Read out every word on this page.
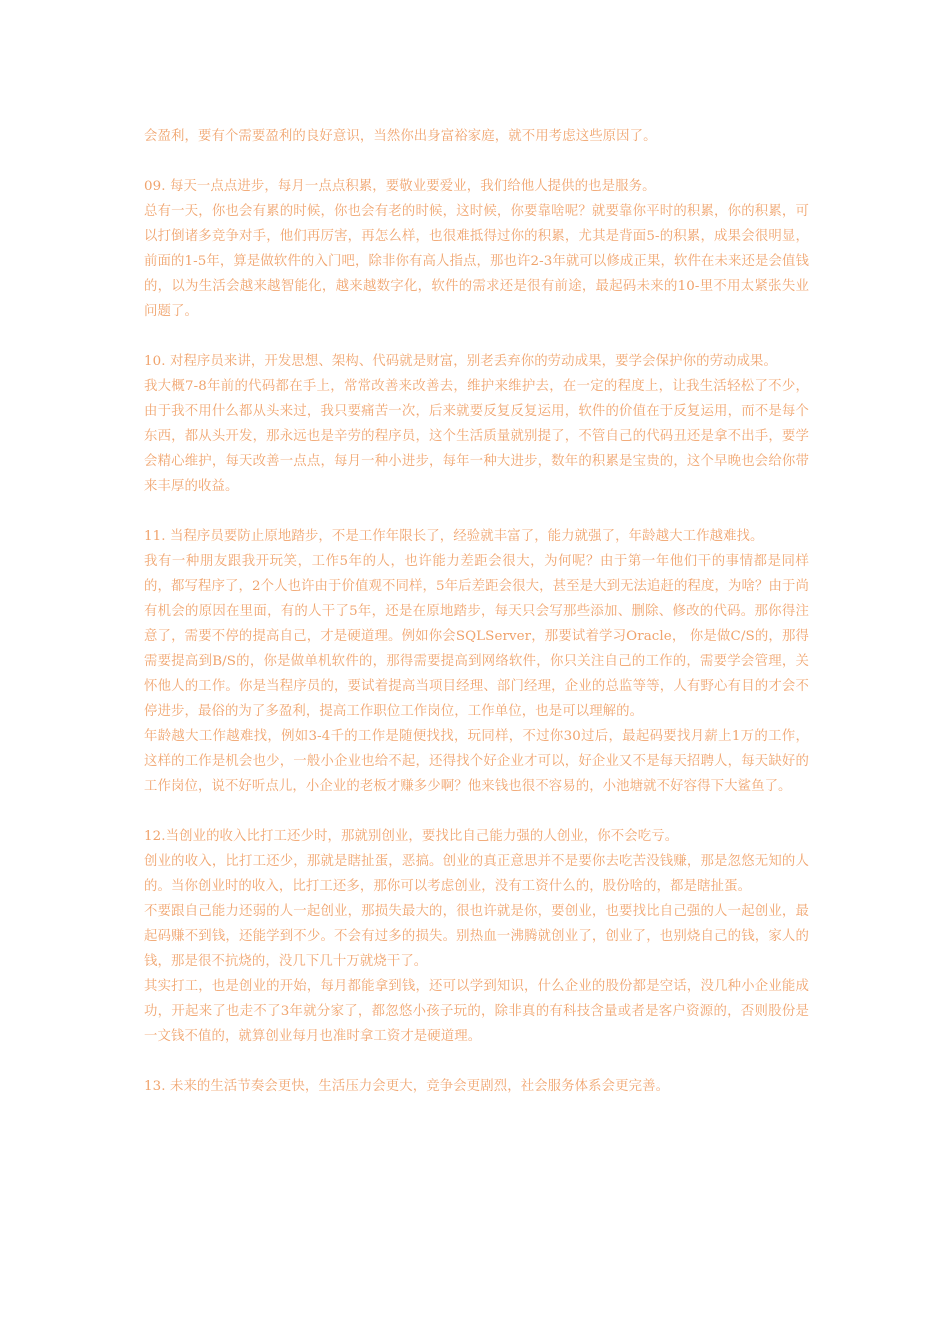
会盈利，要有个需要盈利的良好意识，当然你出身富裕家庭，就不用考虑这些原因了。
09. 每天一点点进步，每月一点点积累，要敬业要爱业，我们给他人提供的也是服务。
总有一天，你也会有累的时候，你也会有老的时候，这时候，你要靠啥呢？就要靠你平时的积累，你的积累，可以打倒诸多竞争对手，他们再厉害，再怎么样，也很难抵得过你的积累，尤其是背面5-的积累，成果会很明显，前面的1-5年，算是做软件的入门吧，除非你有高人指点，那也许2-3年就可以修成正果，软件在未来还是会值钱的，以为生活会越来越智能化，越来越数字化，软件的需求还是很有前途，最起码未来的10-里不用太紧张失业问题了。
10. 对程序员来讲，开发思想、架构、代码就是财富，别老丢弃你的劳动成果，要学会保护你的劳动成果。
我大概7-8年前的代码都在手上，常常改善来改善去，维护来维护去，在一定的程度上，让我生活轻松了不少，由于我不用什么都从头来过，我只要痛苦一次，后来就要反复反复运用，软件的价值在于反复运用，而不是每个东西，都从头开发，那永远也是辛劳的程序员，这个生活质量就别提了，不管自己的代码丑还是拿不出手，要学会精心维护，每天改善一点点，每月一种小进步，每年一种大进步，数年的积累是宝贵的，这个早晚也会给你带来丰厚的收益。
11. 当程序员要防止原地踏步，不是工作年限长了，经验就丰富了，能力就强了，年龄越大工作越难找。
我有一种朋友跟我开玩笑，工作5年的人，也许能力差距会很大，为何呢？由于第一年他们干的事情都是同样的，都写程序了，2个人也许由于价值观不同样，5年后差距会很大，甚至是大到无法追赶的程度，为啥？由于尚有机会的原因在里面，有的人干了5年，还是在原地踏步，每天只会写那些添加、删除、修改的代码。那你得注意了，需要不停的提高自己，才是硬道理。例如你会SQLServer，那要试着学习Oracle， 你是做C/S的，那得需要提高到B/S的，你是做单机软件的，那得需要提高到网络软件，你只关注自己的工作的，需要学会管理，关怀他人的工作。你是当程序员的，要试着提高当项目经理、部门经理，企业的总监等等，人有野心有目的才会不停进步，最俗的为了多盈利，提高工作职位工作岗位，工作单位，也是可以理解的。
年龄越大工作越难找，例如3-4千的工作是随便找找，玩同样，不过你30过后，最起码要找月薪上1万的工作，这样的工作是机会也少，一般小企业也给不起，还得找个好企业才可以，好企业又不是每天招聘人，每天缺好的工作岗位，说不好听点儿，小企业的老板才赚多少啊？他来钱也很不容易的，小池塘就不好容得下大鲨鱼了。
12.当创业的收入比打工还少时，那就别创业，要找比自己能力强的人创业，你不会吃亏。
创业的收入，比打工还少，那就是瞎扯蛋，恶搞。创业的真正意思并不是要你去吃苦没钱赚，那是忽悠无知的人的。当你创业时的收入，比打工还多，那你可以考虑创业，没有工资什么的，股份啥的，都是瞎扯蛋。
不要跟自己能力还弱的人一起创业，那损失最大的，很也许就是你，要创业，也要找比自己强的人一起创业，最起码赚不到钱，还能学到不少。不会有过多的损失。别热血一沸腾就创业了，创业了，也别烧自己的钱，家人的钱，那是很不抗烧的，没几下几十万就烧干了。
其实打工，也是创业的开始，每月都能拿到钱，还可以学到知识，什么企业的股份都是空话，没几种小企业能成功，开起来了也走不了3年就分家了，都忽悠小孩子玩的，除非真的有科技含量或者是客户资源的，否则股份是一文钱不值的，就算创业每月也准时拿工资才是硬道理。
13. 未来的生活节奏会更快，生活压力会更大，竞争会更剧烈，社会服务体系会更完善。
